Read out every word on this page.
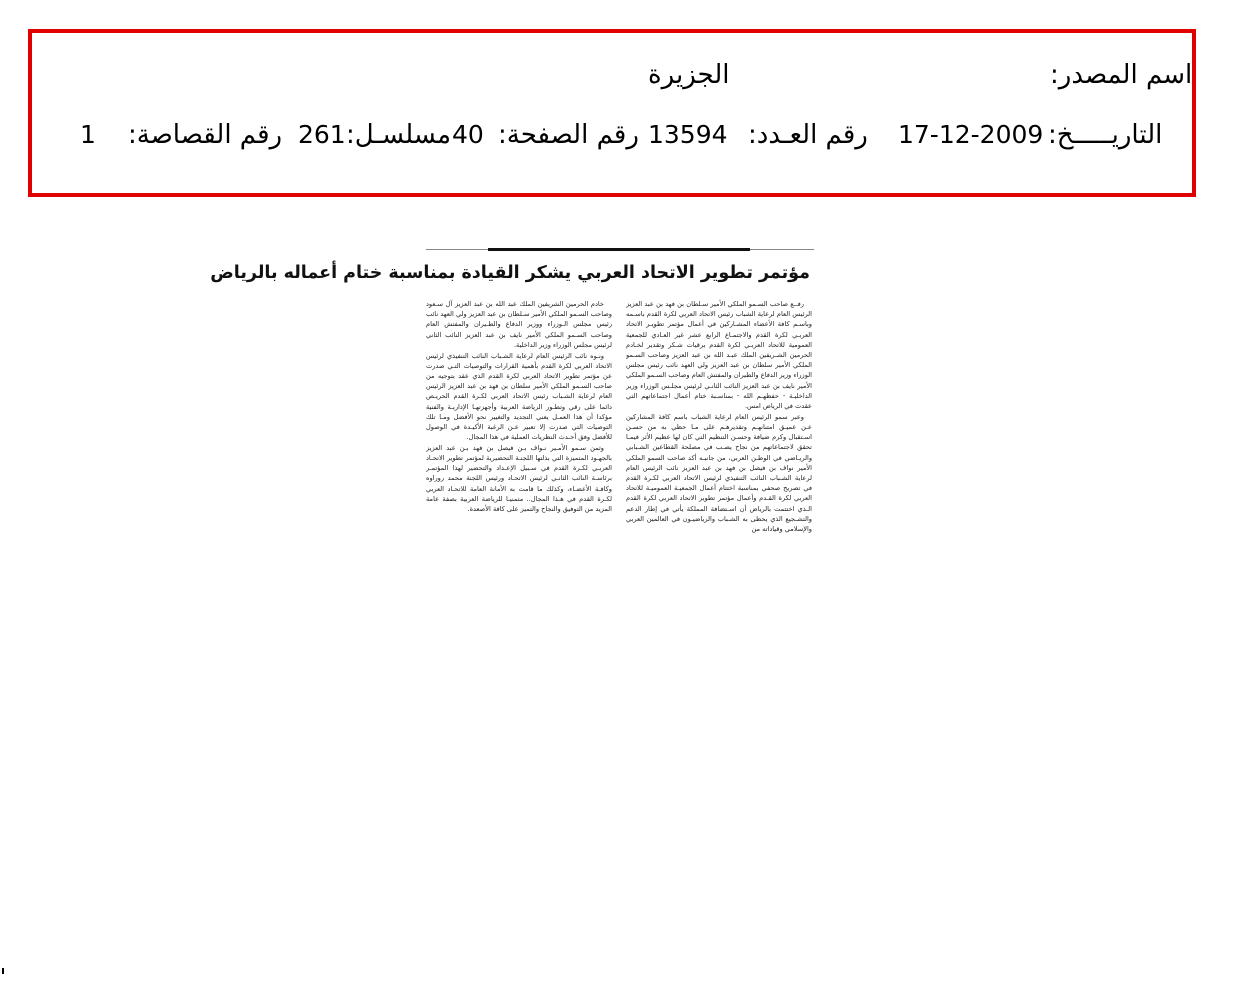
اسم المصدر:
الجزيرة
التاريـــــخ:
17-12-2009
رقم العـدد:
13594
رقم الصفحة:
40
مسلسـل:
261
رقم القصاصة:
1
مؤتمر تطوير الاتحاد العربي يشكر القيادة بمناسبة ختام أعماله بالرياض

رفــع صاحب السـمو الملكي الأمير سـلطان بن فهد بن عبد العزيز الرئيس العام لرعاية الشباب رئيس الاتحاد العربي لكرة القدم باسـمه وباسـم كافة الأعضاء المشـاركين في أعمال مؤتمر تطويـر الاتحاد العربـي لكرة القدم والاجتمـاع الرابع عشر غير العـادي للجمعية العمومية للاتحاد العربـي لكرة القدم برقيات شـكر وتقدير لخـادم الحرمين الشـريفين الملك عبـد الله بن عبد العزيز وصاحب السـمو الملكي الأمير سلطان بن عبد العزيز ولي العهد نائب رئيس مجلس الوزراء وزير الدفاع والطيران والمفتش العام وصاحب السـمو الملكي الأمير نايف بن عبد العزيز النائب الثانـي لرئيس مجلـس الوزراء وزير الداخليـة - حفظهـم الله - بمناسـبة ختام أعمال اجتماعاتهم التي عقدت في الرياض امس.

وعبر سمو الرئيس العام لرعاية الشباب باسم كافة المشاركين عـن عميـق امتنانهـم وتقديرهـم على مـا حظي به من حسـن اسـتقبال وكرم ضيافة وحسـن التنظيم التي كان لها عظيم الأثر فيمـا تحقق لاجتماعاتهم من نجاح يصـب في مصلحة القطاعين الشـبابي والريـاضي في الوطـن العربي، من جانبـه أكد صاحب السمو الملكي الأمير نواف بن فيصل بن فهد بن عبد العزيز نائب الرئيس العام لرعاية الشـباب النائب التنفيذي لرئيس الاتحاد العربي لكـرة القدم في تصريح صحفي بمناسبة اختتام أعمال الجمعيـة العموميـة للاتحاد العربي لكرة القـدم وأعمال مؤتمر تطوير الاتحاد العربي لكرة القدم الـذي اختتمت بالرياض أن اسـتضافة المملكة يأتي في إطار الدعم والتشـجيع الذي يحظى به الشـباب والرياضيـون في العالمين العربي والإسلامي وقياداته من

خادم الحرمين الشريفين الملك عبد الله بن عبد العزيز آل سـعود وصاحب السـمو الملكي الأمير سـلطان بن عبد العزيز ولي العهد نائب رئيس مجلس الـوزراء ووزير الدفاع والطـيران والمفتش العام وصاحب السـمو الملكي الأمير نايف بن عبد العزيز النائب الثاني لرئيس مجلس الوزراء وزير الداخلية.

ونـوه نائب الرئيس العام لرعاية الشـباب النائب التنفيذي لرئيس الاتحاد العربي لكرة القدم بأهمية القرارات والتوصيات التـي صدرت عن مؤتمر تطوير الاتحاد العربي لكرة القدم الذي عقد بتوجيه من صاحب السـمو الملكي الأمير سلطان بن فهد بن عبد العزيز الرئيس العام لرعاية الشـباب رئيس الاتحاد العربي لكـرة القدم الحريـص دائما على رقي وتطـور الرياضة العربية وأجهزتهـا الإداريـة والفنية مؤكدا أن هذا العمـل يعني التجديد والتغيير نحو الأفضل ومـا تلك التوصيات التي صدرت إلا تعبير عـن الرغبة الأكيـدة في الوصول للأفضل وفق أحـدث النظريات العملية في هذا المجال.

وثمن سـمو الأمـير نـواف بـن فيصل بن فهد بـن عبد العزيز بالجهـود المتميزة التي بذلتها اللجنـة التحضيرية لمؤتمر تطوير الاتحـاد العربـي لكـرة القدم في سـبيل الإعـداد والتحضير لهذا المؤتمـر برئاسـة النائب الثانـي لرئيس الاتحـاد ورئيس اللجنة محمد روراوه وكافـة الأعضـاء، وكذلك ما قامت به الأمانة العامة للاتحـاد العربي لكـرة القدم في هـذا المجال.. متمنيـا للرياضة العربية بصفة عامة المزيد من التوفيق والنجاح والتميز على كافة الأصعدة.
